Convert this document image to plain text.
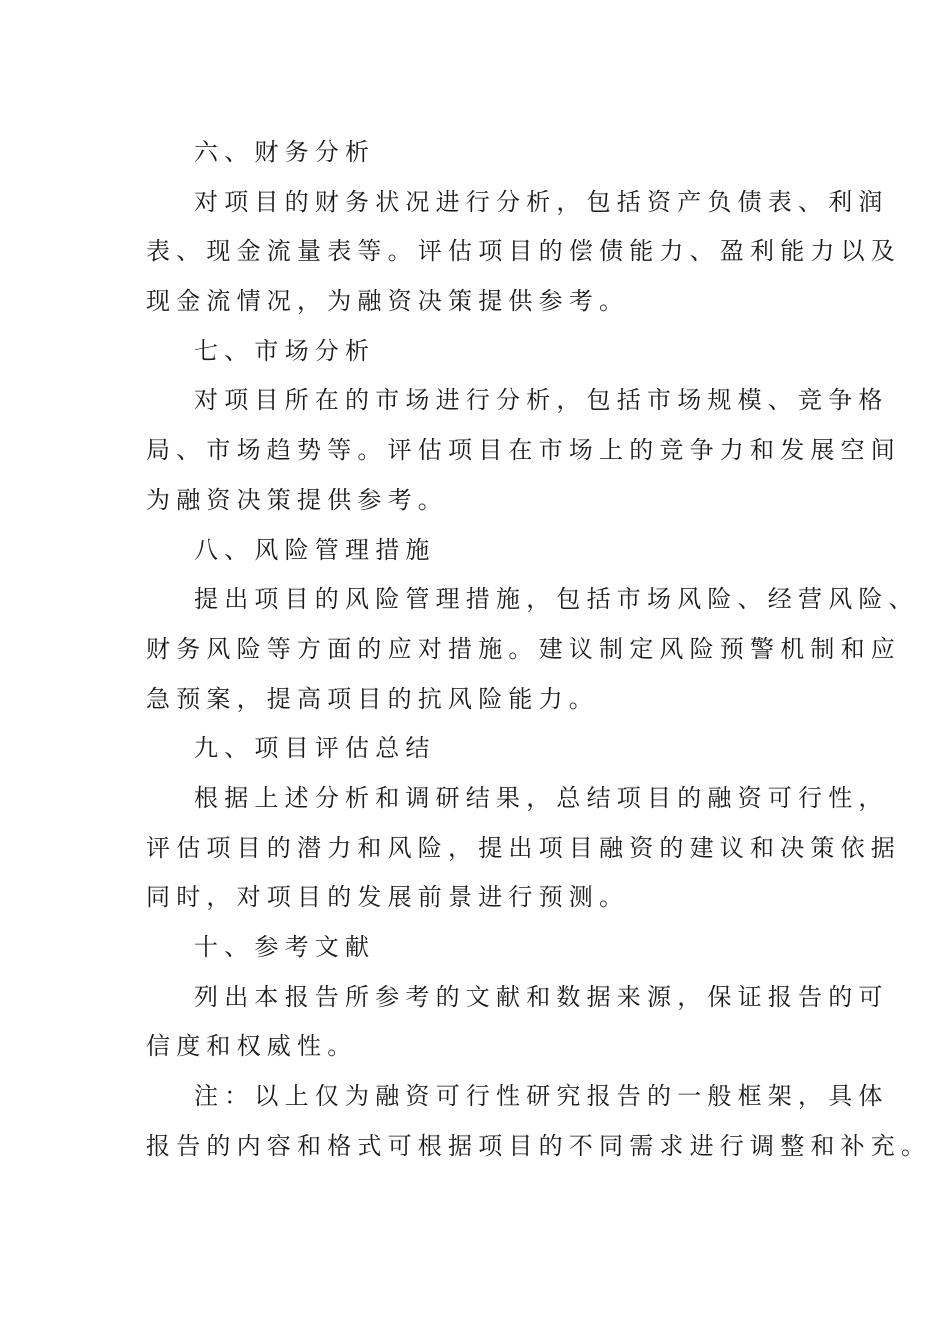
六、财务分析
对项目的财务状况进行分析，包括资产负债表、利润
表、现金流量表等。评估项目的偿债能力、盈利能力以及
现金流情况，为融资决策提供参考。
七、市场分析
对项目所在的市场进行分析，包括市场规模、竞争格
局、市场趋势等。评估项目在市场上的竞争力和发展空间
为融资决策提供参考。
八、风险管理措施
提出项目的风险管理措施，包括市场风险、经营风险、
财务风险等方面的应对措施。建议制定风险预警机制和应
急预案，提高项目的抗风险能力。
九、项目评估总结
根据上述分析和调研结果，总结项目的融资可行性，
评估项目的潜力和风险，提出项目融资的建议和决策依据
同时，对项目的发展前景进行预测。
十、参考文献
列出本报告所参考的文献和数据来源，保证报告的可
信度和权威性。
注：以上仅为融资可行性研究报告的一般框架，具体
报告的内容和格式可根据项目的不同需求进行调整和补充。
